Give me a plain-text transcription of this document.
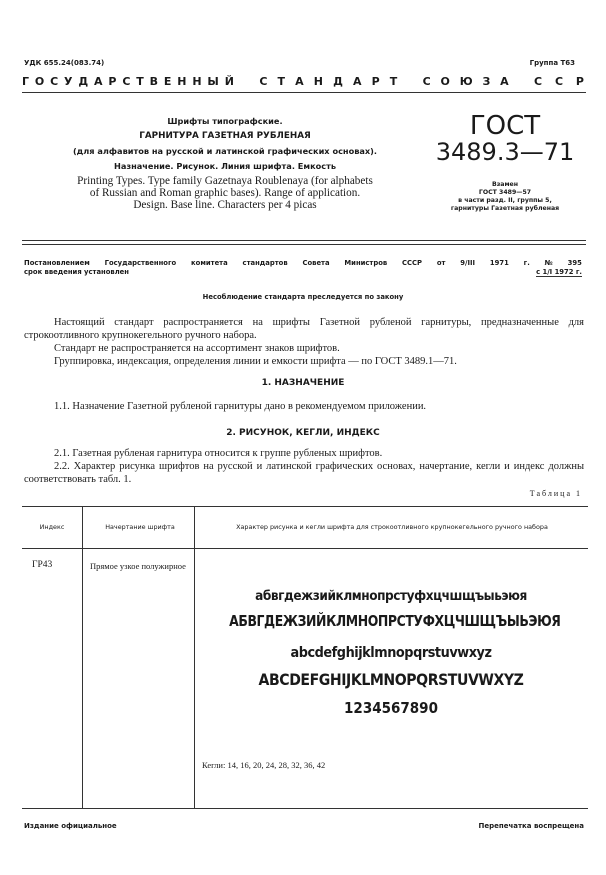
УДК 655.24(083.74)	Группа Т63
Г О С У Д А Р С Т В Е Н Н Ы Й С Т А Н Д А Р Т С О Ю З А С С Р
Шрифты типографские.
ГАРНИТУРА ГАЗЕТНАЯ РУБЛЕНАЯ
(для алфавитов на русской и латинской графических основах).
Назначение. Рисунок. Линия шрифта. Емкость
Printing Types. Type family Gazetnaya Roublenaya (for alphabets
of Russian and Roman graphic bases). Range of application.
Design. Base line. Characters per 4 picas
ГОСТ
3489.3—71
Взамен
ГОСТ 3489—57
в части разд. II, группы 5,
гарнитуры Газетная рубленая
Постановлением Государственного комитета стандартов Совета Министров СССР от 9/III 1971 г. № 395
срок введения установлен	с 1/I 1972 г.
Несоблюдение стандарта преследуется по закону
Настоящий стандарт распространяется на шрифты Газетной рубленой гарнитуры, предназначенные для строкоотливного крупнокегельного ручного набора.
Стандарт не распространяется на ассортимент знаков шрифтов.
Группировка, индексация, определения линии и емкости шрифта — по ГОСТ 3489.1—71.
1. НАЗНАЧЕНИЕ
1.1. Назначение Газетной рубленой гарнитуры дано в рекомендуемом приложении.
2. РИСУНОК, КЕГЛИ, ИНДЕКС
2.1. Газетная рубленая гарнитура относится к группе рубленых шрифтов.
2.2. Характер рисунка шрифтов на русской и латинской графических основах, начертание, кегли и индекс должны соответствовать табл. 1.
Таблица 1
Индекс	Начертание шрифта	Характер рисунка и кегли шрифта для строкоотливного крупнокегельного ручного набора
ГР43	Прямое узкое полужирное
абвгдежзийклмнопрстуфхцчшщъыьэюя
АБВГДЕЖЗИЙКЛМНОПРСТУФХЦЧШЩЪЫЬЭЮЯ
abcdefghijklmnopqrstuvwxyz
ABCDEFGHIJKLMNOPQRSTUVWXYZ
1234567890
Кегли: 14, 16, 20, 24, 28, 32, 36, 42
Издание официальное	Перепечатка воспрещена
